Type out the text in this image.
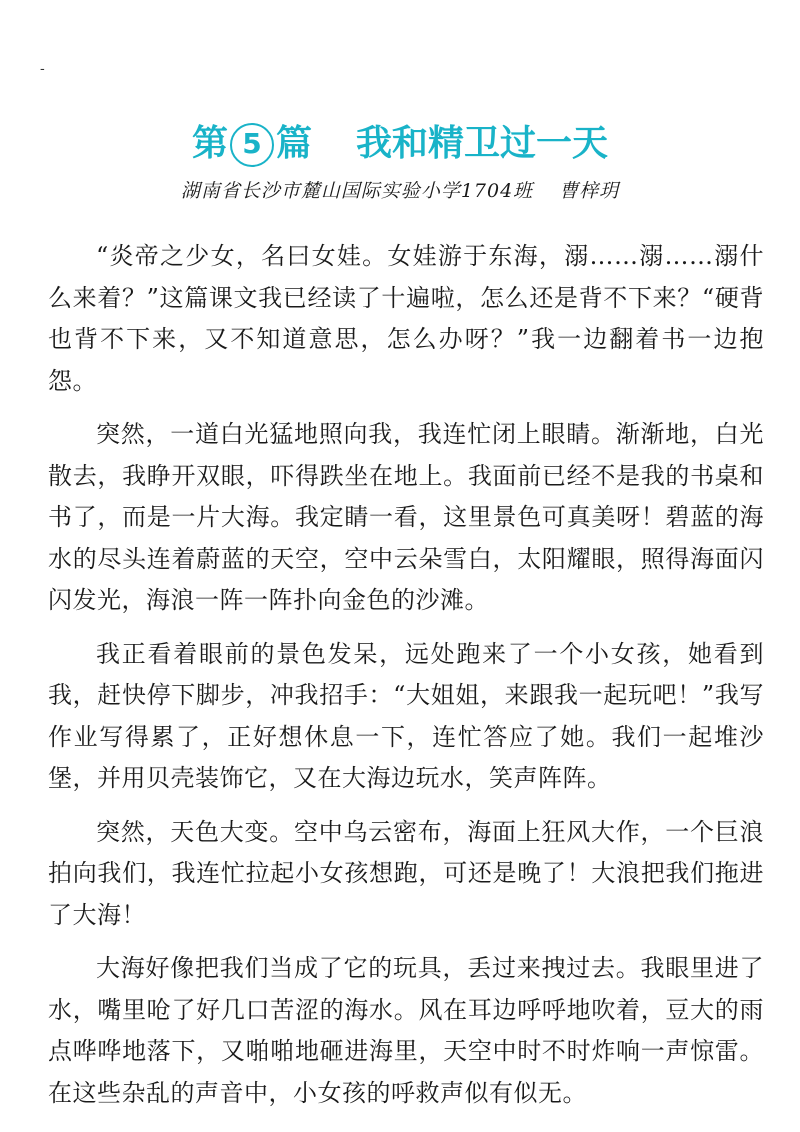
-
第 5 篇 我和精卫过一天
湖南省长沙市麓山国际实验小学1704班 曹梓玥

“炎帝之少女，名曰女娃。女娃游于东海，溺……溺……溺什么来着？”这篇课文我已经读了十遍啦，怎么还是背不下来？“硬背也背不下来，又不知道意思，怎么办呀？”我一边翻着书一边抱怨。

突然，一道白光猛地照向我，我连忙闭上眼睛。渐渐地，白光散去，我睁开双眼，吓得跌坐在地上。我面前已经不是我的书桌和书了，而是一片大海。我定睛一看，这里景色可真美呀！碧蓝的海水的尽头连着蔚蓝的天空，空中云朵雪白，太阳耀眼，照得海面闪闪发光，海浪一阵一阵扑向金色的沙滩。

我正看着眼前的景色发呆，远处跑来了一个小女孩，她看到我，赶快停下脚步，冲我招手：“大姐姐，来跟我一起玩吧！”我写作业写得累了，正好想休息一下，连忙答应了她。我们一起堆沙堡，并用贝壳装饰它，又在大海边玩水，笑声阵阵。

突然，天色大变。空中乌云密布，海面上狂风大作，一个巨浪拍向我们，我连忙拉起小女孩想跑，可还是晚了！大浪把我们拖进了大海！

大海好像把我们当成了它的玩具，丢过来拽过去。我眼里进了水，嘴里呛了好几口苦涩的海水。风在耳边呼呼地吹着，豆大的雨点哗哗地落下，又啪啪地砸进海里，天空中时不时炸响一声惊雷。在这些杂乱的声音中，小女孩的呼救声似有似无。
